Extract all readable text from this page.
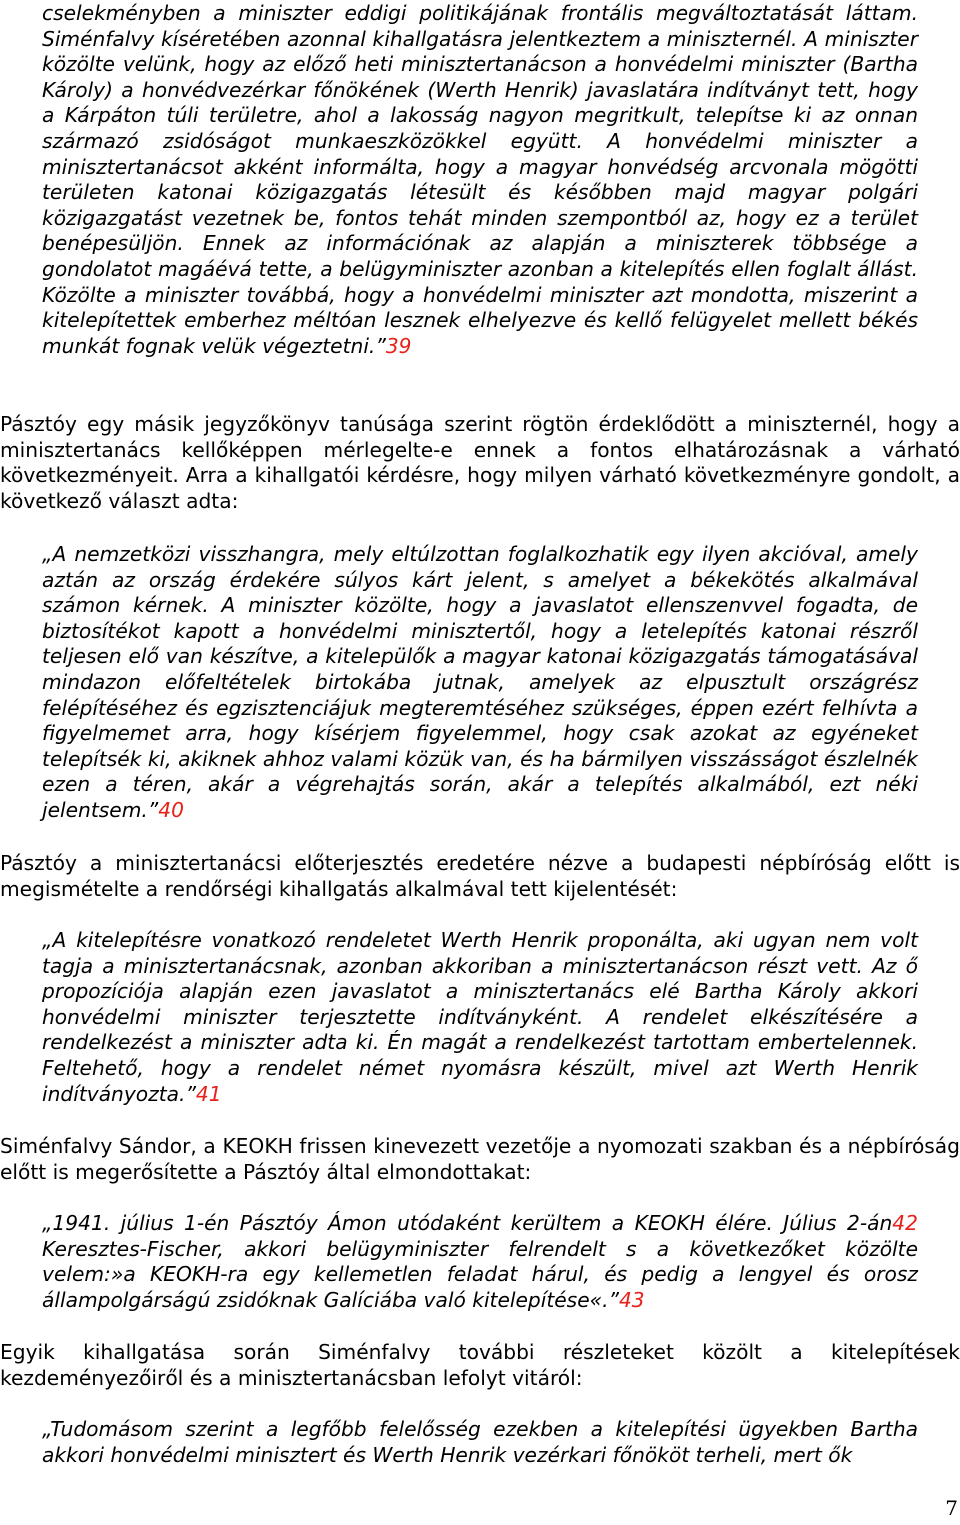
cselekményben a miniszter eddigi politikájának frontális megváltoztatását láttam. Siménfalvy kíséretében azonnal kihallgatásra jelentkeztem a miniszternél. A miniszter közölte velünk, hogy az előző heti minisztertanácson a honvédelmi miniszter (Bartha Károly) a honvédvezérkar főnökének (Werth Henrik) javaslatára indítványt tett, hogy a Kárpáton túli területre, ahol a lakosság nagyon megritkult, telepítse ki az onnan származó zsidóságot munkaeszközökkel együtt. A honvédelmi miniszter a minisztertanácsot akként informálta, hogy a magyar honvédség arcvonala mögötti területen katonai közigazgatás létesült és későbben majd magyar polgári közigazgatást vezetnek be, fontos tehát minden szempontból az, hogy ez a terület benépesüljön. Ennek az információnak az alapján a miniszterek többsége a gondolatot magáévá tette, a belügyminiszter azonban a kitelepítés ellen foglalt állást. Közölte a miniszter továbbá, hogy a honvédelmi miniszter azt mondotta, miszerint a kitelepítettek emberhez méltóan lesznek elhelyezve és kellő felügyelet mellett békés munkát fognak velük végeztetni.”39

Pásztóy egy másik jegyzőkönyv tanúsága szerint rögtön érdeklődött a miniszternél, hogy a minisztertanács kellőképpen mérlegelte-e ennek a fontos elhatározásnak a várható következményeit. Arra a kihallgatói kérdésre, hogy milyen várható következményre gondolt, a következő választ adta:

„A nemzetközi visszhangra, mely eltúlzottan foglalkozhatik egy ilyen akcióval, amely aztán az ország érdekére súlyos kárt jelent, s amelyet a békekötés alkalmával számon kérnek. A miniszter közölte, hogy a javaslatot ellenszenvvel fogadta, de biztosítékot kapott a honvédelmi minisztertől, hogy a letelepítés katonai részről teljesen elő van készítve, a kitelepülők a magyar katonai közigazgatás támogatásával mindazon előfeltételek birtokába jutnak, amelyek az elpusztult országrész felépítéséhez és egzisztenciájuk megteremtéséhez szükséges, éppen ezért felhívta a figyelmemet arra, hogy kísérjem figyelemmel, hogy csak azokat az egyéneket telepítsék ki, akiknek ahhoz valami közük van, és ha bármilyen visszásságot észlelnék ezen a téren, akár a végrehajtás során, akár a telepítés alkalmából, ezt néki jelentsem.”40

Pásztóy a minisztertanácsi előterjesztés eredetére nézve a budapesti népbíróság előtt is megismételte a rendőrségi kihallgatás alkalmával tett kijelentését:

„A kitelepítésre vonatkozó rendeletet Werth Henrik proponálta, aki ugyan nem volt tagja a minisztertanácsnak, azonban akkoriban a minisztertanácson részt vett. Az ő propozíciója alapján ezen javaslatot a minisztertanács elé Bartha Károly akkori honvédelmi miniszter terjesztette indítványként. A rendelet elkészítésére a rendelkezést a miniszter adta ki. Én magát a rendelkezést tartottam embertelennek. Feltehető, hogy a rendelet német nyomásra készült, mivel azt Werth Henrik indítványozta.”41

Siménfalvy Sándor, a KEOKH frissen kinevezett vezetője a nyomozati szakban és a népbíróság előtt is megerősítette a Pásztóy által elmondottakat:

„1941. július 1-én Pásztóy Ámon utódaként kerültem a KEOKH élére. Július 2-án42 Keresztes-Fischer, akkori belügyminiszter felrendelt s a következőket közölte velem:»a KEOKH-ra egy kellemetlen feladat hárul, és pedig a lengyel és orosz állampolgárságú zsidóknak Galíciába való kitelepítése«.”43

Egyik kihallgatása során Siménfalvy további részleteket közölt a kitelepítések kezdeményezőiről és a minisztertanácsban lefolyt vitáról:

„Tudomásom szerint a legfőbb felelősség ezekben a kitelepítési ügyekben Bartha akkori honvédelmi minisztert és Werth Henrik vezérkari főnököt terheli, mert ők

7
